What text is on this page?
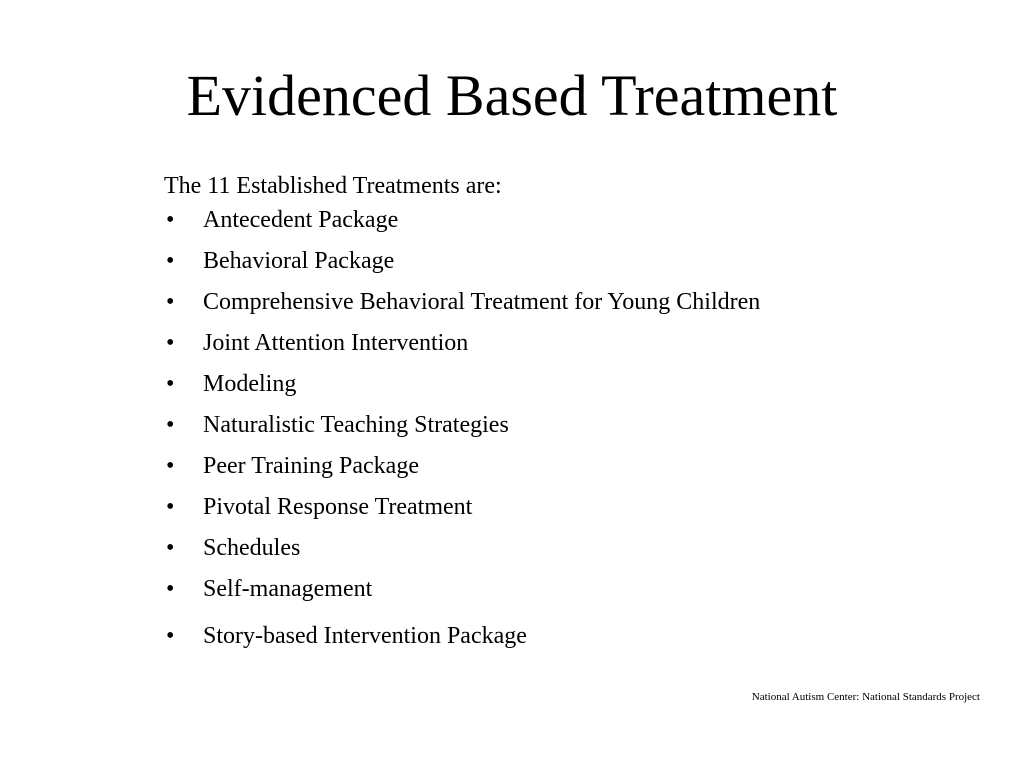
Evidenced Based Treatment

The 11 Established Treatments are:

• Antecedent Package
• Behavioral Package
• Comprehensive Behavioral Treatment for Young Children
• Joint Attention Intervention
• Modeling
• Naturalistic Teaching Strategies
• Peer Training Package
• Pivotal Response Treatment
• Schedules
• Self-management
• Story-based Intervention Package
National Autism Center: National Standards Project
